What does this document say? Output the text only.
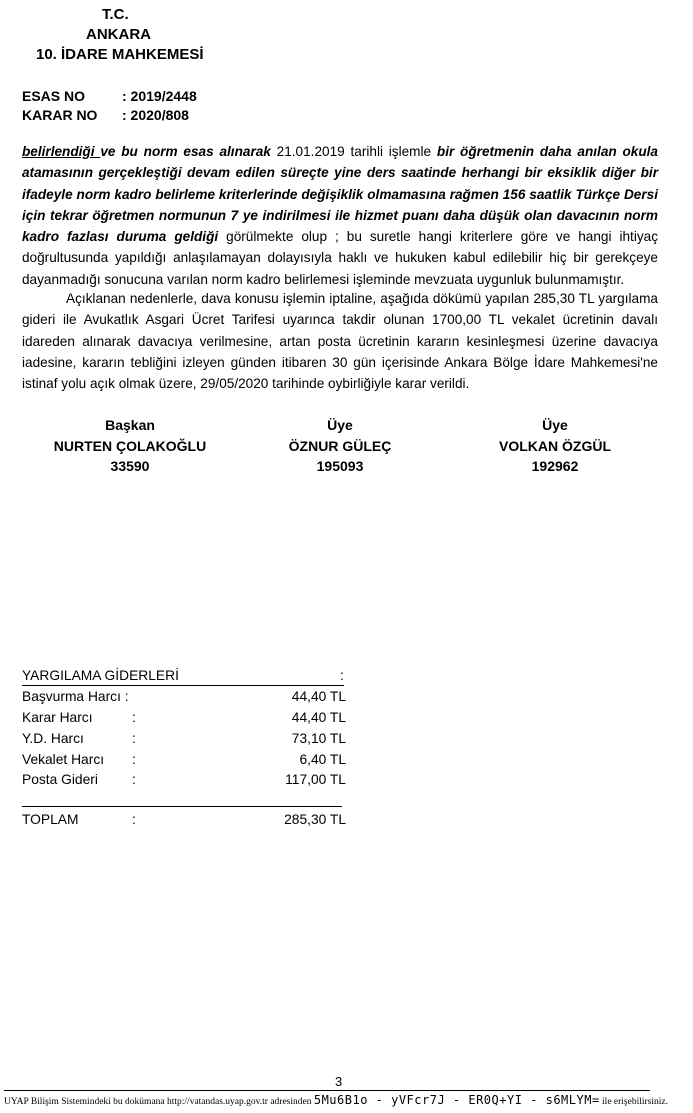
T.C.
ANKARA
10. İDARE MAHKEMESİ
ESAS NO	: 2019/2448
KARAR NO : 2020/808
belirlendiği ve bu norm esas alınarak 21.01.2019 tarihli işlemle bir öğretmenin daha anılan okula atamasının gerçekleştiği devam edilen süreçte yine ders saatinde herhangi bir eksiklik diğer bir ifadeyle norm kadro belirleme kriterlerinde değişiklik olmamasına rağmen 156 saatlik Türkçe Dersi için tekrar öğretmen normunun 7 ye indirilmesi ile hizmet puanı daha düşük olan davacının norm kadro fazlası duruma geldiği görülmekte olup ; bu suretle hangi kriterlere göre ve hangi ihtiyaç doğrultusunda yapıldığı anlaşılamayan dolayısıyla haklı ve hukuken kabul edilebilir hiç bir gerekçeye dayanmadığı sonucuna varılan norm kadro belirlemesi işleminde mevzuata uygunluk bulunmamıştır.
Açıklanan nedenlerle, dava konusu işlemin iptaline, aşağıda dökümü yapılan 285,30 TL yargılama gideri ile Avukatlık Asgari Ücret Tarifesi uyarınca takdir olunan 1700,00 TL vekalet ücretinin davalı idareden alınarak davacıya verilmesine, artan posta ücretinin kararın kesinleşmesi üzerine davacıya iadesine, kararın tebliğini izleyen günden itibaren 30 gün içerisinde Ankara Bölge İdare Mahkemesi'ne istinaf yolu açık olmak üzere, 29/05/2020 tarihinde oybirliğiyle karar verildi.
Başkan
NURTEN ÇOLAKOĞLU
33590
Üye
ÖZNUR GÜLEÇ
195093
Üye
VOLKAN ÖZGÜL
192962
YARGILAMA GİDERLERİ	:
Başvurma Harcı :	44,40 TL
Karar Harcı	:	44,40 TL
Y.D. Harcı	:	73,10 TL
Vekalet Harcı :	6,40 TL
Posta Gideri :	117,00 TL
TOPLAM	:	285,30 TL
3
UYAP Bilişim Sistemindeki bu dokümana http://vatandas.uyap.gov.tr adresinden 5Mu6B1o - yVFcr7J - ER0Q+YI - s6MLYM= ile erişebilirsiniz.
